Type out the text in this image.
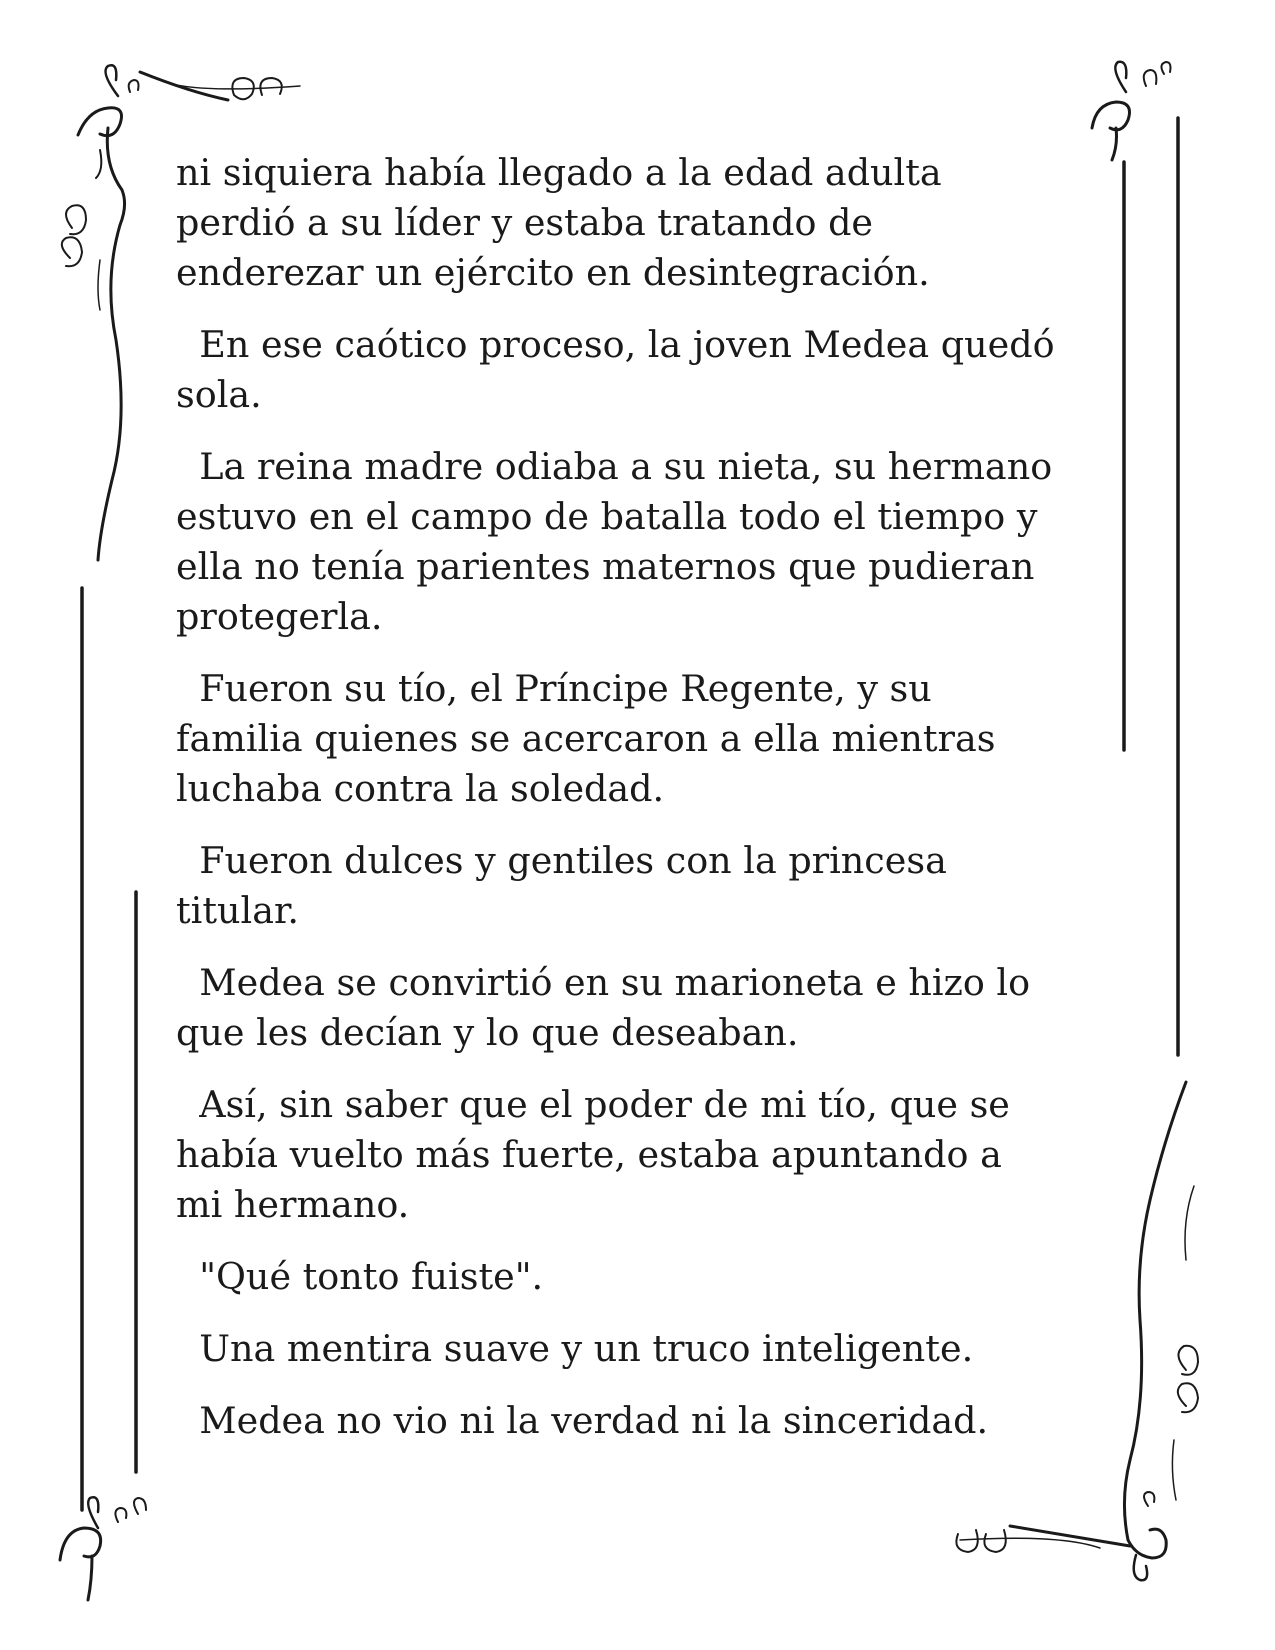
ni siquiera había llegado a la edad adulta
perdió a su líder y estaba tratando de
enderezar un ejército en desintegración.

En ese caótico proceso, la joven Medea quedó
sola.

La reina madre odiaba a su nieta, su hermano
estuvo en el campo de batalla todo el tiempo y
ella no tenía parientes maternos que pudieran
protegerla.

Fueron su tío, el Príncipe Regente, y su
familia quienes se acercaron a ella mientras
luchaba contra la soledad.

Fueron dulces y gentiles con la princesa
titular.

Medea se convirtió en su marioneta e hizo lo
que les decían y lo que deseaban.

Así, sin saber que el poder de mi tío, que se
había vuelto más fuerte, estaba apuntando a
mi hermano.

"Qué tonto fuiste".

Una mentira suave y un truco inteligente.

Medea no vio ni la verdad ni la sinceridad.
